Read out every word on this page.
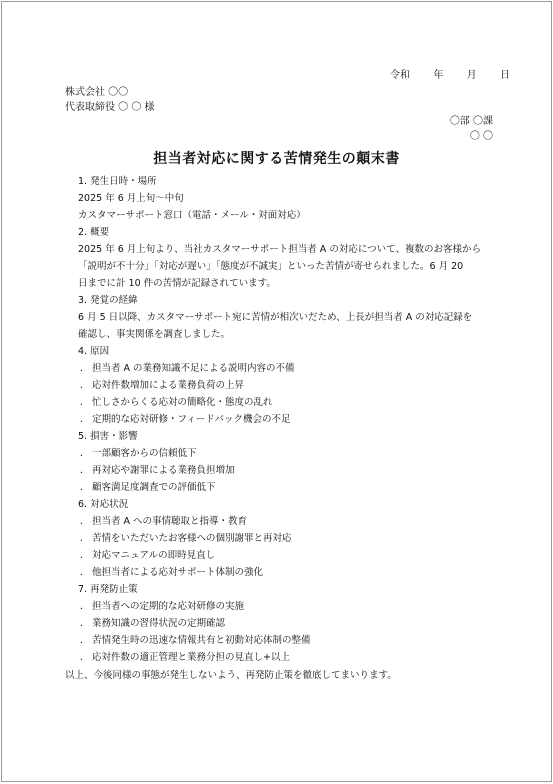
令和 年 月 日
株式会社 〇〇
代表取締役 〇 〇 様
〇部 〇課
〇 〇
担当者対応に関する苦情発生の顛末書
1. 発生日時・場所
2025 年 6 月上旬〜中旬
カスタマーサポート窓口（電話・メール・対面対応）
2. 概要
2025 年 6 月上旬より、当社カスタマーサポート担当者 A の対応について、複数のお客様から
「説明が不十分」「対応が遅い」「態度が不誠実」といった苦情が寄せられました。6 月 20
日までに計 10 件の苦情が記録されています。
3. 発覚の経緯
6 月 5 日以降、カスタマーサポート宛に苦情が相次いだため、上長が担当者 A の対応記録を
確認し、事実関係を調査しました。
4. 原因
． 担当者 A の業務知識不足による説明内容の不備
． 応対件数増加による業務負荷の上昇
． 忙しさからくる応対の簡略化・態度の乱れ
． 定期的な応対研修・フィードバック機会の不足
5. 損害・影響
． 一部顧客からの信頼低下
． 再対応や謝罪による業務負担増加
． 顧客満足度調査での評価低下
6. 対応状況
． 担当者 A への事情聴取と指導・教育
． 苦情をいただいたお客様への個別謝罪と再対応
． 対応マニュアルの即時見直し
． 他担当者による応対サポート体制の強化
7. 再発防止策
． 担当者への定期的な応対研修の実施
． 業務知識の習得状況の定期確認
． 苦情発生時の迅速な情報共有と初動対応体制の整備
． 応対件数の適正管理と業務分担の見直し+以上
以上、今後同様の事態が発生しないよう、再発防止策を徹底してまいります。
